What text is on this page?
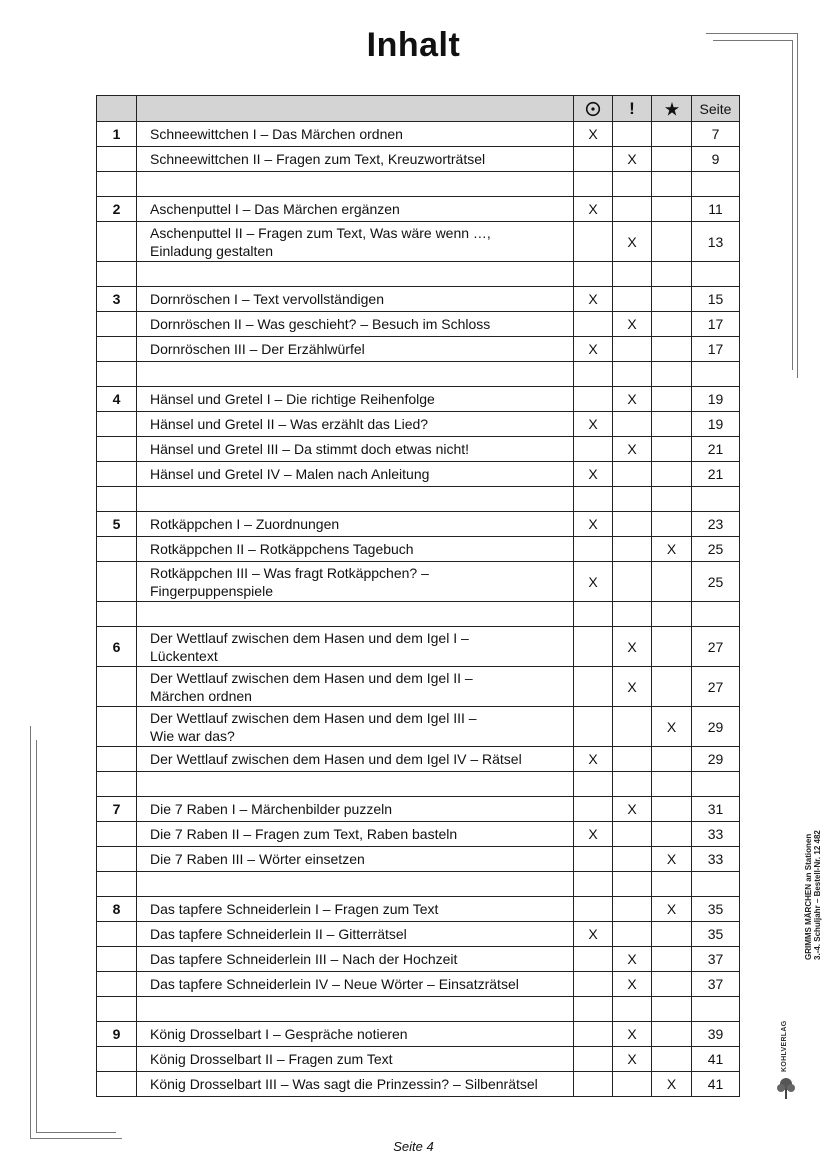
Inhalt
			!		Seite
1	Schneewittchen I – Das Märchen ordnen	X			7

	Schneewittchen II – Fragen zum Text, Kreuzworträtsel		X		9

2	Aschenputtel I – Das Märchen ergänzen	X			11

	Aschenputtel II – Fragen zum Text, Was wäre wenn …,
Einladung gestalten		X		13

3	Dornröschen I – Text vervollständigen	X			15

	Dornröschen II – Was geschieht? – Besuch im Schloss		X		17

	Dornröschen III – Der Erzählwürfel	X			17

4	Hänsel und Gretel I – Die richtige Reihenfolge		X		19

	Hänsel und Gretel II – Was erzählt das Lied?	X			19

	Hänsel und Gretel III – Da stimmt doch etwas nicht!		X		21

	Hänsel und Gretel IV – Malen nach Anleitung	X			21

5	Rotkäppchen I – Zuordnungen	X			23

	Rotkäppchen II – Rotkäppchens Tagebuch			X	25

	Rotkäppchen III – Was fragt Rotkäppchen? –
Fingerpuppenspiele	X			25

6	Der Wettlauf zwischen dem Hasen und dem Igel I –
Lückentext		X		27

	Der Wettlauf zwischen dem Hasen und dem Igel II –
Märchen ordnen		X		27

	Der Wettlauf zwischen dem Hasen und dem Igel III –
Wie war das?			X	29

	Der Wettlauf zwischen dem Hasen und dem Igel IV – Rätsel	X			29

7	Die 7 Raben I – Märchenbilder puzzeln		X		31

	Die 7 Raben II – Fragen zum Text, Raben basteln	X			33

	Die 7 Raben III – Wörter einsetzen			X	33

8	Das tapfere Schneiderlein I – Fragen zum Text			X	35

	Das tapfere Schneiderlein II – Gitterrätsel	X			35

	Das tapfere Schneiderlein III – Nach der Hochzeit		X		37

	Das tapfere Schneiderlein IV – Neue Wörter – Einsatzrätsel		X		37

9	König Drosselbart I – Gespräche notieren		X		39

	König Drosselbart II – Fragen zum Text		X		41

	König Drosselbart III – Was sagt die Prinzessin? – Silbenrätsel			X	41
Seite 4
GRIMMS MÄRCHEN an Stationen 3.-4. Schuljahr – Bestell-Nr. 12 482
KOHLVERLAG
